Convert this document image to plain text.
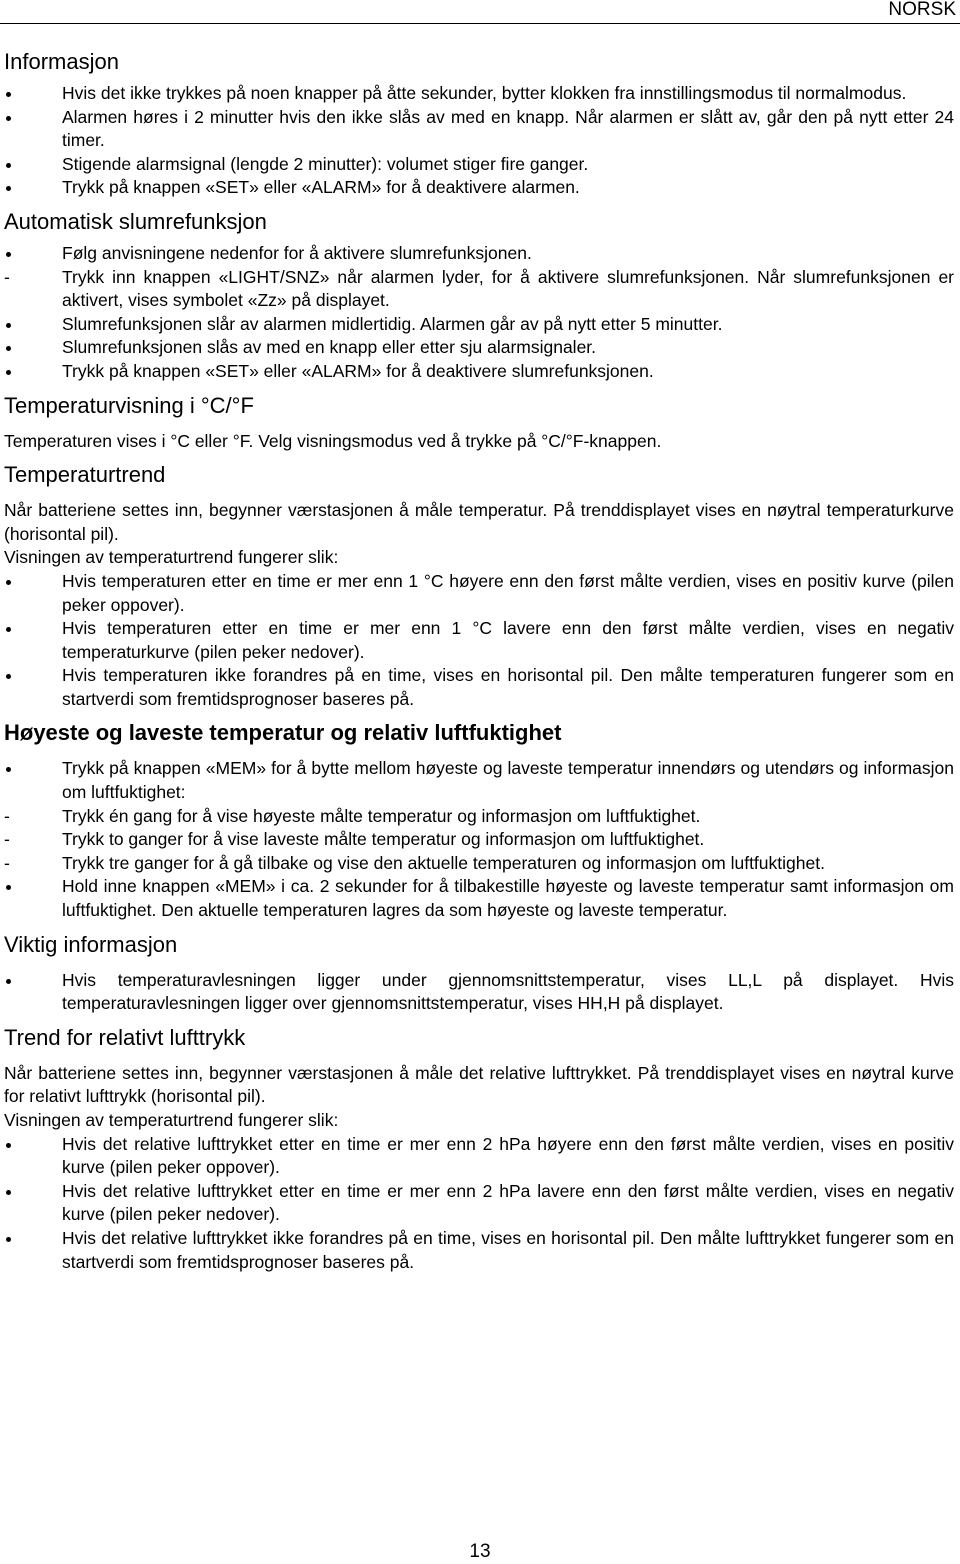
NORSK
Informasjon
Hvis det ikke trykkes på noen knapper på åtte sekunder, bytter klokken fra innstillingsmodus til normalmodus.
Alarmen høres i 2 minutter hvis den ikke slås av med en knapp. Når alarmen er slått av, går den på nytt etter 24 timer.
Stigende alarmsignal (lengde 2 minutter): volumet stiger fire ganger.
Trykk på knappen «SET» eller «ALARM» for å deaktivere alarmen.
Automatisk slumrefunksjon
Følg anvisningene nedenfor for å aktivere slumrefunksjonen.
-	Trykk inn knappen «LIGHT/SNZ» når alarmen lyder, for å aktivere slumrefunksjonen. Når slumrefunksjonen er aktivert, vises symbolet «Zz» på displayet.
Slumrefunksjonen slår av alarmen midlertidig. Alarmen går av på nytt etter 5 minutter.
Slumrefunksjonen slås av med en knapp eller etter sju alarmsignaler.
Trykk på knappen «SET» eller «ALARM» for å deaktivere slumrefunksjonen.
Temperaturvisning i °C/°F

Temperaturen vises i °C eller °F. Velg visningsmodus ved å trykke på °C/°F-knappen.

Temperaturtrend

Når batteriene settes inn, begynner værstasjonen å måle temperatur. På trenddisplayet vises en nøytral temperaturkurve (horisontal pil).

Visningen av temperaturtrend fungerer slik:

Hvis temperaturen etter en time er mer enn 1 °C høyere enn den først målte verdien, vises en positiv kurve (pilen peker oppover).
Hvis temperaturen etter en time er mer enn 1 °C lavere enn den først målte verdien, vises en negativ temperaturkurve (pilen peker nedover).
Hvis temperaturen ikke forandres på en time, vises en horisontal pil. Den målte temperaturen fungerer som en startverdi som fremtidsprognoser baseres på.
Høyeste og laveste temperatur og relativ luftfuktighet
Trykk på knappen «MEM» for å bytte mellom høyeste og laveste temperatur innendørs og utendørs og informasjon om luftfuktighet:
-	Trykk én gang for å vise høyeste målte temperatur og informasjon om luftfuktighet.
-	Trykk to ganger for å vise laveste målte temperatur og informasjon om luftfuktighet.
-	Trykk tre ganger for å gå tilbake og vise den aktuelle temperaturen og informasjon om luftfuktighet.
Hold inne knappen «MEM» i ca. 2 sekunder for å tilbakestille høyeste og laveste temperatur samt informasjon om luftfuktighet. Den aktuelle temperaturen lagres da som høyeste og laveste temperatur.
Viktig informasjon
Hvis temperaturavlesningen ligger under gjennomsnittstemperatur, vises LL,L på displayet. Hvis temperaturavlesningen ligger over gjennomsnittstemperatur, vises HH,H på displayet.
Trend for relativt lufttrykk

Når batteriene settes inn, begynner værstasjonen å måle det relative lufttrykket. På trenddisplayet vises en nøytral kurve for relativt lufttrykk (horisontal pil).

Visningen av temperaturtrend fungerer slik:

Hvis det relative lufttrykket etter en time er mer enn 2 hPa høyere enn den først målte verdien, vises en positiv kurve (pilen peker oppover).
Hvis det relative lufttrykket etter en time er mer enn 2 hPa lavere enn den først målte verdien, vises en negativ kurve (pilen peker nedover).
Hvis det relative lufttrykket ikke forandres på en time, vises en horisontal pil. Den målte lufttrykket fungerer som en startverdi som fremtidsprognoser baseres på.
13
